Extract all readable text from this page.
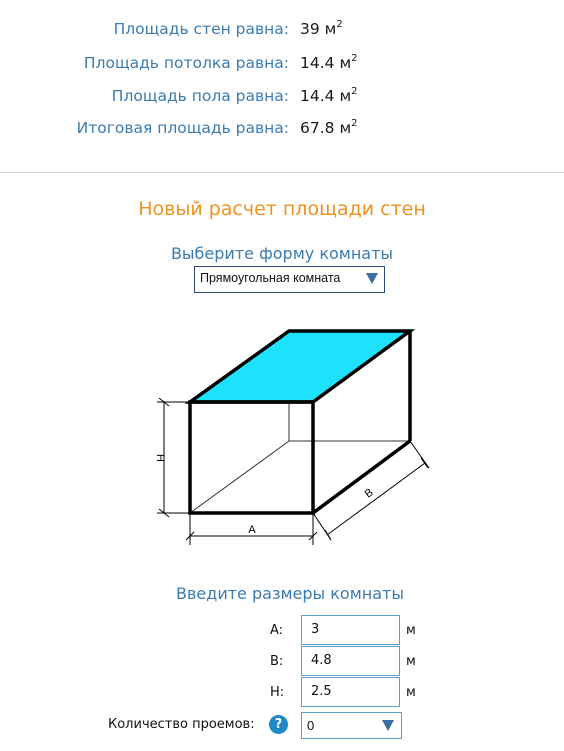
Площадь стен равна: 39 $м^2$
Площадь потолка равна: 14.4 $м^2$
Площадь пола равна: 14.4 $м^2$
Итоговая площадь равна: 67.8 $м^2$
Новый расчет площади стен
Выберите форму комнаты
Прямоугольная комната
H
A
B
Введите размеры комнаты
A: 3	м
B: 4.8	м
H: 2.5	м
Количество проемов:	?	0
